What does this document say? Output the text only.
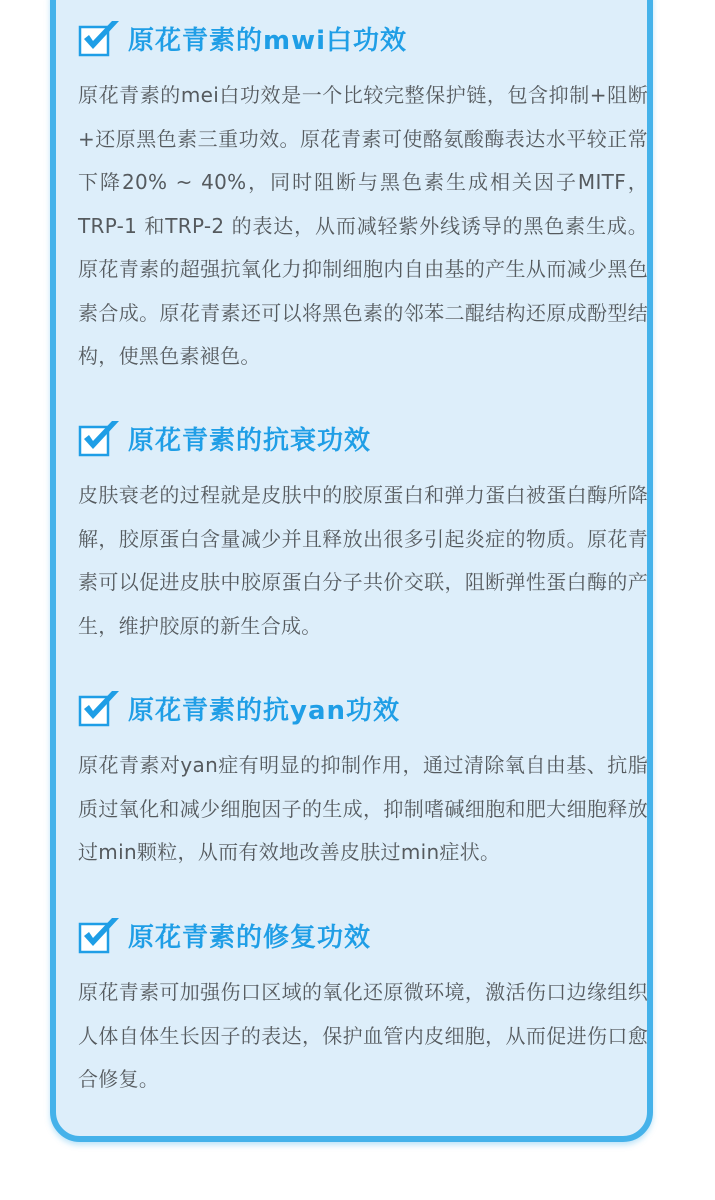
原花青素的mwi白功效
原花青素的mei白功效是一个比较完整保护链，包含抑制+阻断+还原黑色素三重功效。原花青素可使酪氨酸酶表达水平较正常下降20% ~ 40%，同时阻断与黑色素生成相关因子MITF，TRP-1 和TRP-2 的表达，从而减轻紫外线诱导的黑色素生成。原花青素的超强抗氧化力抑制细胞内自由基的产生从而减少黑色素合成。原花青素还可以将黑色素的邻苯二醌结构还原成酚型结构，使黑色素褪色。
原花青素的抗衰功效
皮肤衰老的过程就是皮肤中的胶原蛋白和弹力蛋白被蛋白酶所降解，胶原蛋白含量减少并且释放出很多引起炎症的物质。原花青素可以促进皮肤中胶原蛋白分子共价交联，阻断弹性蛋白酶的产生，维护胶原的新生合成。
原花青素的抗yan功效
原花青素对yan症有明显的抑制作用，通过清除氧自由基、抗脂质过氧化和减少细胞因子的生成，抑制嗜碱细胞和肥大细胞释放过min颗粒，从而有效地改善皮肤过min症状。
原花青素的修复功效
原花青素可加强伤口区域的氧化还原微环境，激活伤口边缘组织人体自体生长因子的表达，保护血管内皮细胞，从而促进伤口愈合修复。
